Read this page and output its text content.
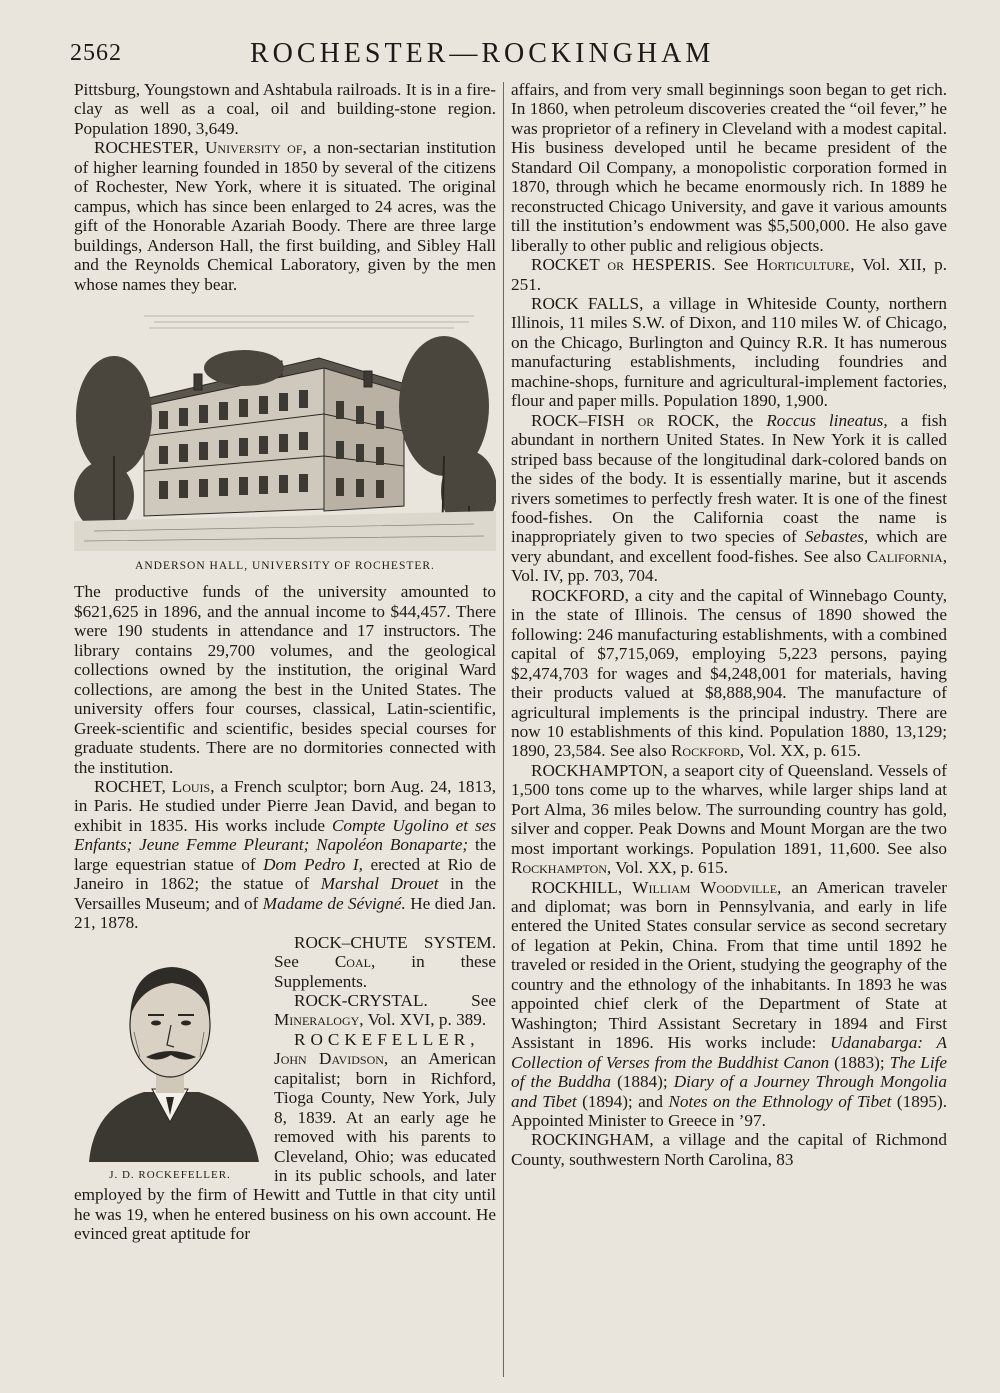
2562	ROCHESTER—ROCKINGHAM

Pittsburg, Youngstown and Ashtabula railroads. It is in a fire-clay as well as a coal, oil and building-stone region. Population 1890, 3,649.

ROCHESTER, University of, a non-sectarian institution of higher learning founded in 1850 by several of the citizens of Rochester, New York, where it is situated. The original campus, which has since been enlarged to 24 acres, was the gift of the Honorable Azariah Boody. There are three large buildings, Anderson Hall, the first building, and Sibley Hall and the Reynolds Chemical Laboratory, given by the men whose names they bear.

ANDERSON HALL, UNIVERSITY OF ROCHESTER.

The productive funds of the university amounted to $621,625 in 1896, and the annual income to $44,457. There were 190 students in attendance and 17 instructors. The library contains 29,700 volumes, and the geological collections owned by the institution, the original Ward collections, are among the best in the United States. The university offers four courses, classical, Latin-scientific, Greek-scientific and scientific, besides special courses for graduate students. There are no dormitories connected with the institution.

ROCHET, Louis, a French sculptor; born Aug. 24, 1813, in Paris. He studied under Pierre Jean David, and began to exhibit in 1835. His works include Compte Ugolino et ses Enfants; Jeune Femme Pleurant; Napoléon Bonaparte; the large equestrian statue of Dom Pedro I, erected at Rio de Janeiro in 1862; the statue of Marshal Drouet in the Versailles Museum; and of Madame de Sévigné. He died Jan. 21, 1878.

J. D. ROCKEFELLER.

ROCK–CHUTE SYSTEM. See Coal, in these Supplements.

ROCK-CRYSTAL.	See Mineralogy, Vol. XVI, p. 389.

ROCKEFELLER, John Davidson, an American capitalist; born in Richford, Tioga County, New York, July 8, 1839. At an early age he removed with his parents to Cleveland, Ohio; was educated in its public schools, and later employed by the firm of Hewitt and Tuttle in that city until he was 19, when he entered business on his own account. He evinced great aptitude for

affairs, and from very small beginnings soon began to get rich. In 1860, when petroleum discoveries created the “oil fever,” he was proprietor of a refinery in Cleveland with a modest capital. His business developed until he became president of the Standard Oil Company, a monopolistic corporation formed in 1870, through which he became enormously rich. In 1889 he reconstructed Chicago University, and gave it various amounts till the institution’s endowment was $5,500,000. He also gave liberally to other public and religious objects.

ROCKET or HESPERIS. See Horticulture, Vol. XII, p. 251.

ROCK FALLS, a village in Whiteside County, northern Illinois, 11 miles S.W. of Dixon, and 110 miles W. of Chicago, on the Chicago, Burlington and Quincy R.R. It has numerous manufacturing establishments, including foundries and machine-shops, furniture and agricultural-implement factories, flour and paper mills. Population 1890, 1,900.

ROCK–FISH or ROCK, the Roccus lineatus, a fish abundant in northern United States. In New York it is called striped bass because of the longitudinal dark-colored bands on the sides of the body. It is essentially marine, but it ascends rivers sometimes to perfectly fresh water. It is one of the finest food-fishes. On the California coast the name is inappropriately given to two species of Sebastes, which are very abundant, and excellent food-fishes. See also California, Vol. IV, pp. 703, 704.

ROCKFORD, a city and the capital of Winnebago County, in the state of Illinois. The census of 1890 showed the following: 246 manufacturing establishments, with a combined capital of $7,715,069, employing 5,223 persons, paying $2,474,703 for wages and $4,248,001 for materials, having their products valued at $8,888,904. The manufacture of agricultural implements is the principal industry. There are now 10 establishments of this kind. Population 1880, 13,129; 1890, 23,584. See also Rockford, Vol. XX, p. 615.

ROCKHAMPTON, a seaport city of Queensland. Vessels of 1,500 tons come up to the wharves, while larger ships land at Port Alma, 36 miles below. The surrounding country has gold, silver and copper. Peak Downs and Mount Morgan are the two most important workings. Population 1891, 11,600. See also Rockhampton, Vol. XX, p. 615.

ROCKHILL, William Woodville, an American traveler and diplomat; was born in Pennsylvania, and early in life entered the United States consular service as second secretary of legation at Pekin, China. From that time until 1892 he traveled or resided in the Orient, studying the geography of the country and the ethnology of the inhabitants. In 1893 he was appointed chief clerk of the Department of State at Washington; Third Assistant Secretary in 1894 and First Assistant in 1896. His works include: Udanabarga: A Collection of Verses from the Buddhist Canon (1883); The Life of the Buddha (1884); Diary of a Journey Through Mongolia and Tibet (1894); and Notes on the Ethnology of Tibet (1895). Appointed Minister to Greece in ’97.

ROCKINGHAM, a village and the capital of Richmond County, southwestern North Carolina, 83
